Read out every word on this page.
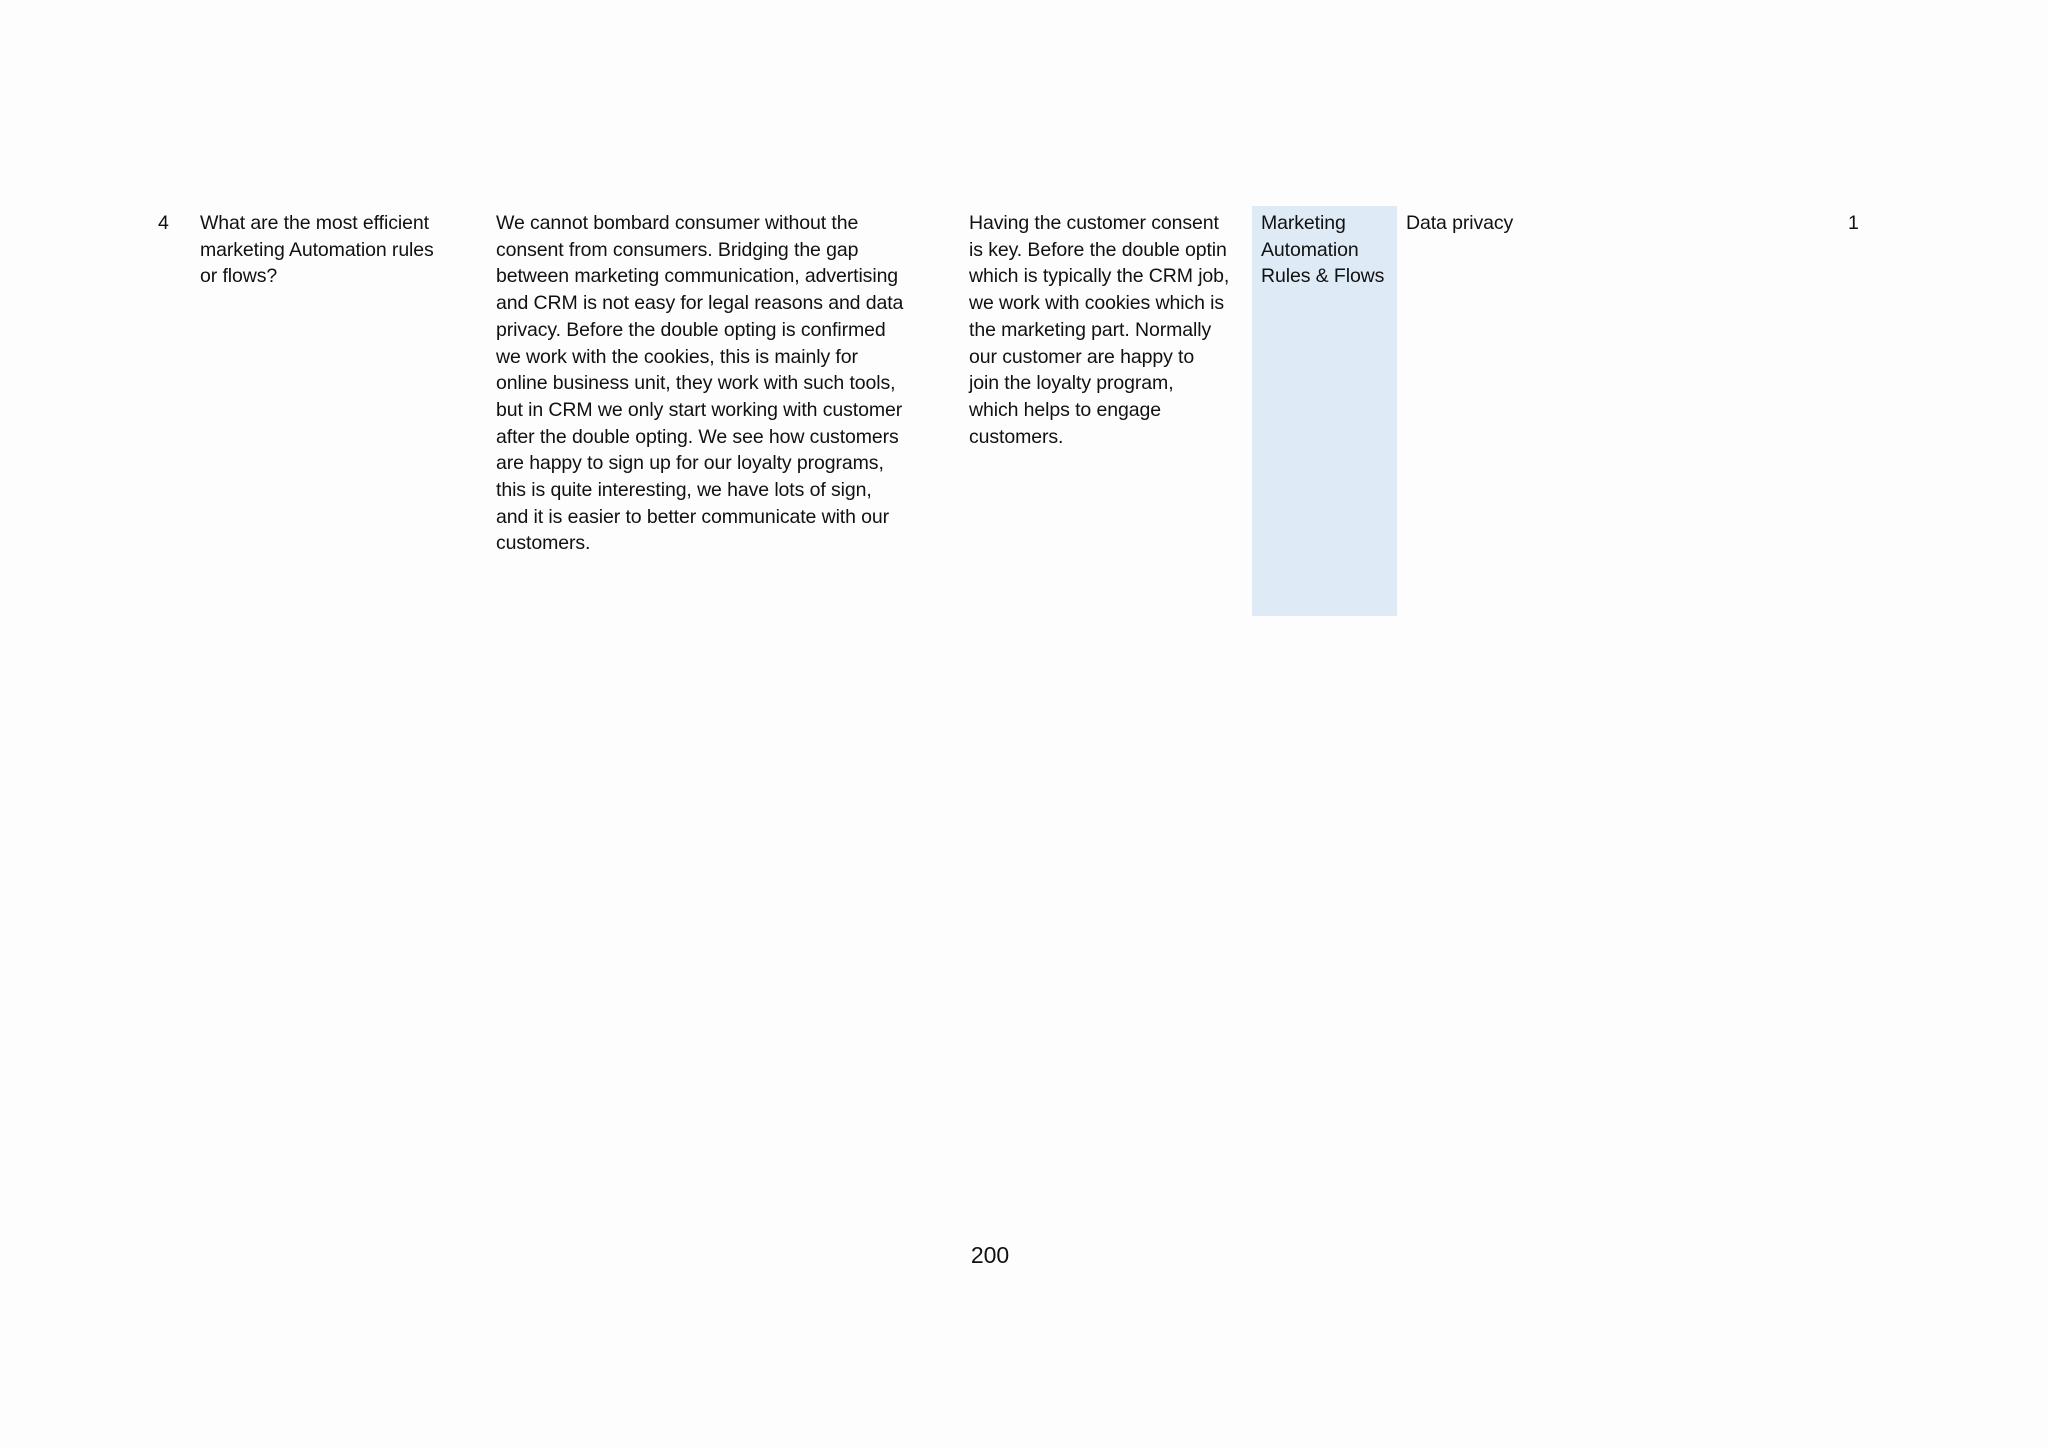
4 What are the most efficient
marketing Automation rules
or flows?
We cannot bombard consumer without the
consent from consumers. Bridging the gap
between marketing communication, advertising
and CRM is not easy for legal reasons and data
privacy. Before the double opting is confirmed
we work with the cookies, this is mainly for
online business unit, they work with such tools,
but in CRM we only start working with customer
after the double opting. We see how customers
are happy to sign up for our loyalty programs,
this is quite interesting, we have lots of sign,
and it is easier to better communicate with our
customers.
Having the customer consent
is key. Before the double optin
which is typically the CRM job,
we work with cookies which is
the marketing part. Normally
our customer are happy to
join the loyalty program,
which helps to engage
customers.

Marketing
Automation
Rules & Flows

Data privacy	1
200
